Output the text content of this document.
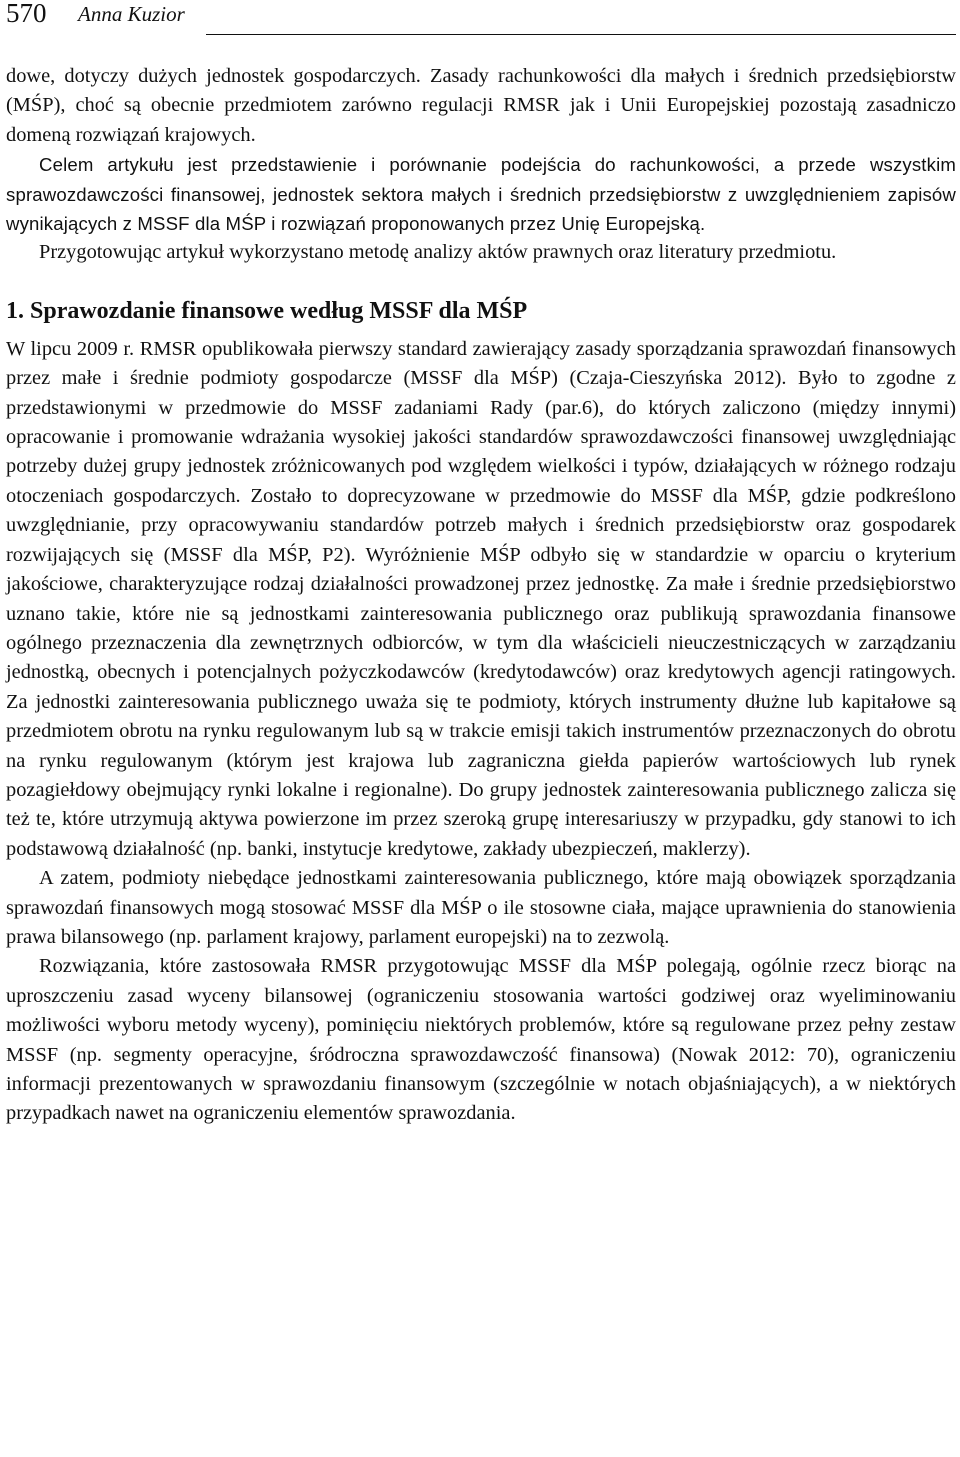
570 Anna Kuzior

dowe, dotyczy dużych jednostek gospodarczych. Zasady rachunkowości dla małych i średnich przedsiębiorstw (MŚP), choć są obecnie przedmiotem zarówno regulacji RMSR jak i Unii Europejskiej pozostają zasadniczo domeną rozwiązań krajowych.

Celem artykułu jest przedstawienie i porównanie podejścia do rachunkowości, a przede wszystkim sprawozdawczości finansowej, jednostek sektora małych i średnich przedsiębiorstw z uwzględnieniem zapisów wynikających z MSSF dla MŚP i rozwiązań proponowanych przez Unię Europejską.

Przygotowując artykuł wykorzystano metodę analizy aktów prawnych oraz literatury przedmiotu.

1. Sprawozdanie finansowe według MSSF dla MŚP

W lipcu 2009 r. RMSR opublikowała pierwszy standard zawierający zasady sporządzania sprawozdań finansowych przez małe i średnie podmioty gospodarcze (MSSF dla MŚP) (Czaja-Cieszyńska 2012). Było to zgodne z przedstawionymi w przedmowie do MSSF zadaniami Rady (par.6), do których zaliczono (między innymi) opracowanie i promowanie wdrażania wysokiej jakości standardów sprawozdawczości finansowej uwzględniając potrzeby dużej grupy jednostek zróżnicowanych pod względem wielkości i typów, działających w różnego rodzaju otoczeniach gospodarczych. Zostało to doprecyzowane w przedmowie do MSSF dla MŚP, gdzie podkreślono uwzględnianie, przy opracowywaniu standardów potrzeb małych i średnich przedsiębiorstw oraz gospodarek rozwijających się (MSSF dla MŚP, P2). Wyróżnienie MŚP odbyło się w standardzie w oparciu o kryterium jakościowe, charakteryzujące rodzaj działalności prowadzonej przez jednostkę. Za małe i średnie przedsiębiorstwo uznano takie, które nie są jednostkami zainteresowania publicznego oraz publikują sprawozdania finansowe ogólnego przeznaczenia dla zewnętrznych odbiorców, w tym dla właścicieli nieuczestniczących w zarządzaniu jednostką, obecnych i potencjalnych pożyczkodawców (kredytodawców) oraz kredytowych agencji ratingowych. Za jednostki zainteresowania publicznego uważa się te podmioty, których instrumenty dłużne lub kapitałowe są przedmiotem obrotu na rynku regulowanym lub są w trakcie emisji takich instrumentów przeznaczonych do obrotu na rynku regulowanym (którym jest krajowa lub zagraniczna giełda papierów wartościowych lub rynek pozagiełdowy obejmujący rynki lokalne i regionalne). Do grupy jednostek zainteresowania publicznego zalicza się też te, które utrzymują aktywa powierzone im przez szeroką grupę interesariuszy w przypadku, gdy stanowi to ich podstawową działalność (np. banki, instytucje kredytowe, zakłady ubezpieczeń, maklerzy).

A zatem, podmioty niebędące jednostkami zainteresowania publicznego, które mają obowiązek sporządzania sprawozdań finansowych mogą stosować MSSF dla MŚP o ile stosowne ciała, mające uprawnienia do stanowienia prawa bilansowego (np. parlament krajowy, parlament europejski) na to zezwolą.

Rozwiązania, które zastosowała RMSR przygotowując MSSF dla MŚP polegają, ogólnie rzecz biorąc na uproszczeniu zasad wyceny bilansowej (ograniczeniu stosowania wartości godziwej oraz wyeliminowaniu możliwości wyboru metody wyceny), pominięciu niektórych problemów, które są regulowane przez pełny zestaw MSSF (np. segmenty operacyjne, śródroczna sprawozdawczość finansowa) (Nowak 2012: 70), ograniczeniu informacji prezentowanych w sprawozdaniu finansowym (szczególnie w notach objaśniających), a w niektórych przypadkach nawet na ograniczeniu elementów sprawozdania.
